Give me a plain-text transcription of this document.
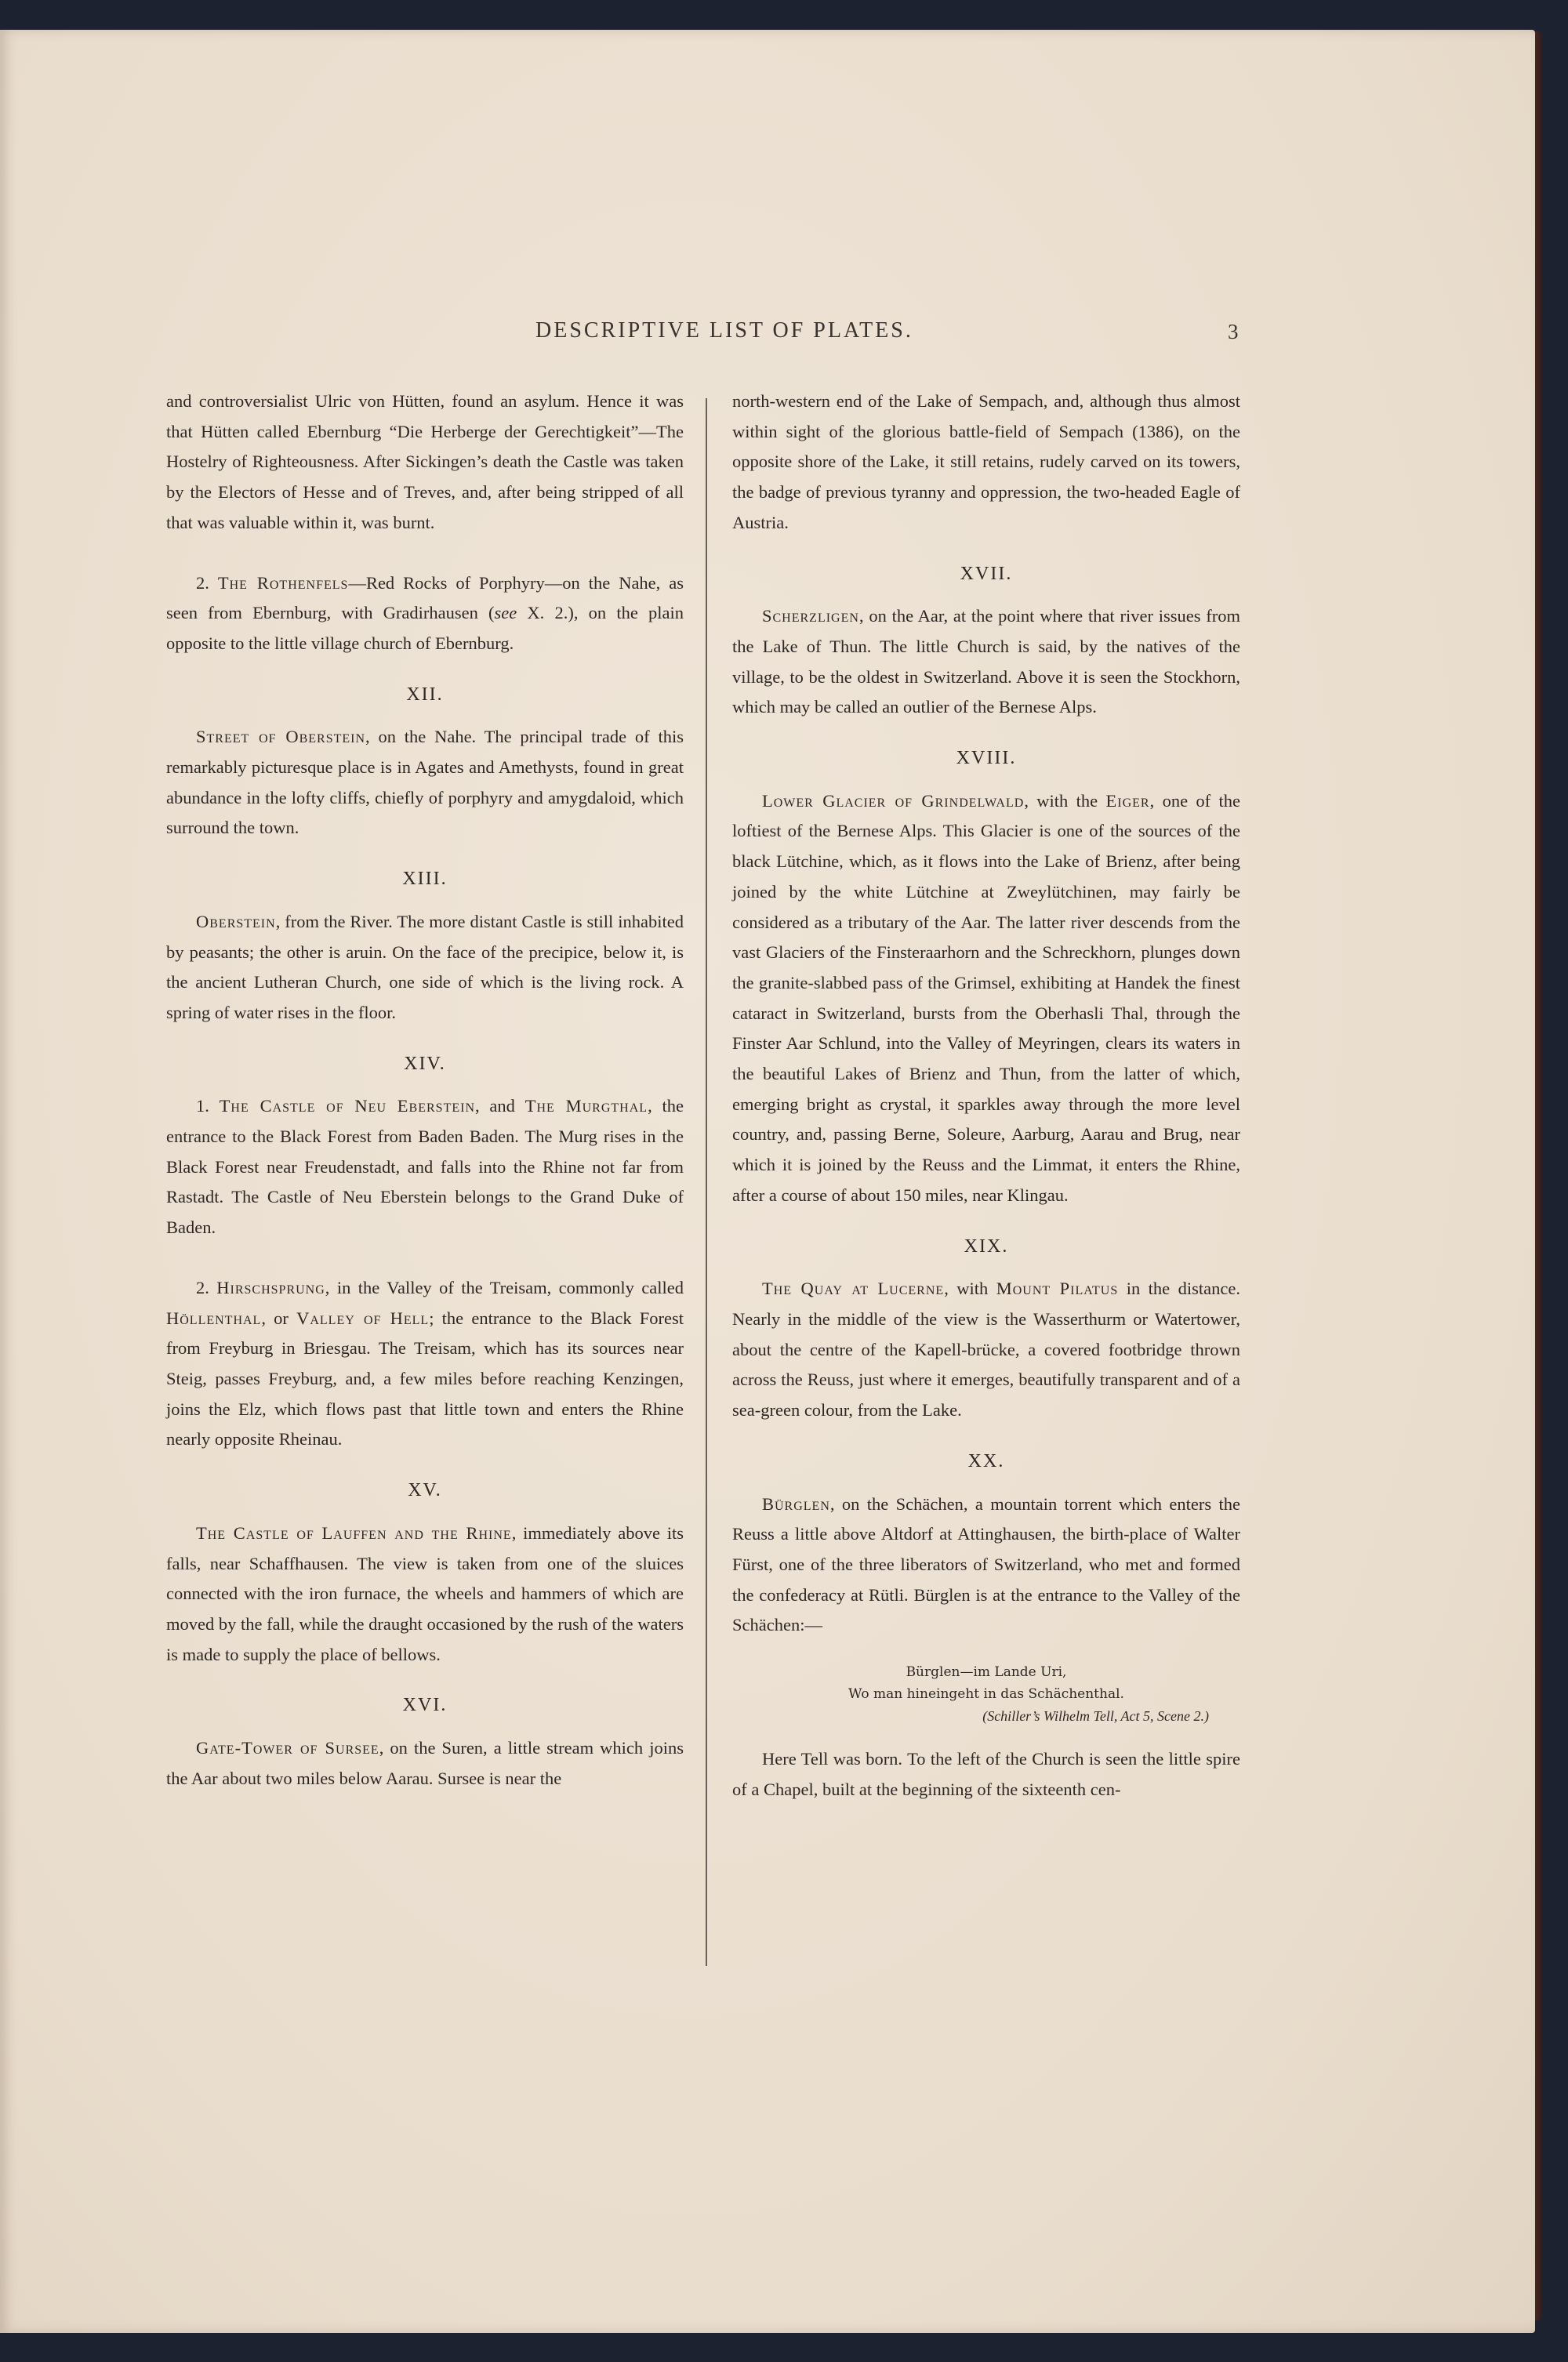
DESCRIPTIVE LIST OF PLATES.	3

and controversialist Ulric von Hütten, found an asylum. Hence it was that Hütten called Ebernburg “Die Herberge der Gerechtigkeit”—The Hostelry of Righteousness. After Sickingen’s death the Castle was taken by the Electors of Hesse and of Treves, and, after being stripped of all that was valuable within it, was burnt.

2. The Rothenfels—Red Rocks of Porphyry—on the Nahe, as seen from Ebernburg, with Gradirhausen (see X. 2.), on the plain opposite to the little village church of Ebernburg.

XII.

Street of Oberstein, on the Nahe. The principal trade of this remarkably picturesque place is in Agates and Amethysts, found in great abundance in the lofty cliffs, chiefly of porphyry and amygdaloid, which surround the town.

XIII.

Oberstein, from the River. The more distant Castle is still inhabited by peasants; the other is aruin. On the face of the precipice, below it, is the ancient Lutheran Church, one side of which is the living rock. A spring of water rises in the floor.

XIV.

1. The Castle of Neu Eberstein, and The Murgthal, the entrance to the Black Forest from Baden Baden. The Murg rises in the Black Forest near Freudenstadt, and falls into the Rhine not far from Rastadt. The Castle of Neu Eberstein belongs to the Grand Duke of Baden.

2. Hirschsprung, in the Valley of the Treisam, commonly called Höllenthal, or Valley of Hell; the entrance to the Black Forest from Freyburg in Briesgau. The Treisam, which has its sources near Steig, passes Freyburg, and, a few miles before reaching Kenzingen, joins the Elz, which flows past that little town and enters the Rhine nearly opposite Rheinau.

XV.

The Castle of Lauffen and the Rhine, immediately above its falls, near Schaffhausen. The view is taken from one of the sluices connected with the iron furnace, the wheels and hammers of which are moved by the fall, while the draught occasioned by the rush of the waters is made to supply the place of bellows.

XVI.

Gate-Tower of Sursee, on the Suren, a little stream which joins the Aar about two miles below Aarau. Sursee is near the

north-western end of the Lake of Sempach, and, although thus almost within sight of the glorious battle-field of Sempach (1386), on the opposite shore of the Lake, it still retains, rudely carved on its towers, the badge of previous tyranny and oppression, the two-headed Eagle of Austria.

XVII.

Scherzligen, on the Aar, at the point where that river issues from the Lake of Thun. The little Church is said, by the natives of the village, to be the oldest in Switzerland. Above it is seen the Stockhorn, which may be called an outlier of the Bernese Alps.

XVIII.

Lower Glacier of Grindelwald, with the Eiger, one of the loftiest of the Bernese Alps. This Glacier is one of the sources of the black Lütchine, which, as it flows into the Lake of Brienz, after being joined by the white Lütchine at Zweylütchinen, may fairly be considered as a tributary of the Aar. The latter river descends from the vast Glaciers of the Finsteraarhorn and the Schreckhorn, plunges down the granite-slabbed pass of the Grimsel, exhibiting at Handek the finest cataract in Switzerland, bursts from the Oberhasli Thal, through the Finster Aar Schlund, into the Valley of Meyringen, clears its waters in the beautiful Lakes of Brienz and Thun, from the latter of which, emerging bright as crystal, it sparkles away through the more level country, and, passing Berne, Soleure, Aarburg, Aarau and Brug, near which it is joined by the Reuss and the Limmat, it enters the Rhine, after a course of about 150 miles, near Klingau.

XIX.

The Quay at Lucerne, with Mount Pilatus in the distance. Nearly in the middle of the view is the Wasserthurm or Watertower, about the centre of the Kapell-brücke, a covered footbridge thrown across the Reuss, just where it emerges, beautifully transparent and of a sea-green colour, from the Lake.

XX.

Bürglen, on the Schächen, a mountain torrent which enters the Reuss a little above Altdorf at Attinghausen, the birth-place of Walter Fürst, one of the three liberators of Switzerland, who met and formed the confederacy at Rütli. Bürglen is at the entrance to the Valley of the Schächen:—

Bürglen—im Lande Uri,
Wo man hineingeht in das Schächenthal.
(Schiller’s Wilhelm Tell, Act 5, Scene 2.)

Here Tell was born. To the left of the Church is seen the little spire of a Chapel, built at the beginning of the sixteenth cen-
